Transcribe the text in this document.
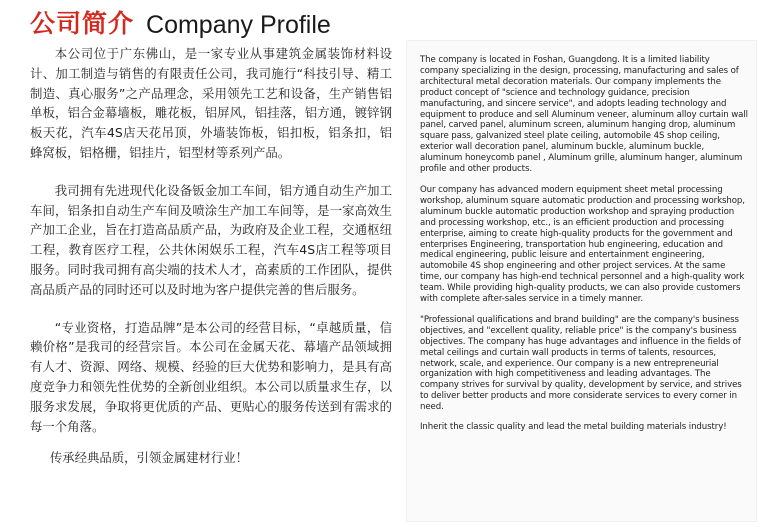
公司简介 Company Profile

本公司位于广东佛山，是一家专业从事建筑金属装饰材料设计、加工制造与销售的有限责任公司，我司施行“科技引导、精工制造、真心服务”之产品理念，采用领先工艺和设备，生产销售铝单板，铝合金幕墙板，雕花板，铝屏风，铝挂落，铝方通，镀锌钢板天花，汽车4S店天花吊顶，外墙装饰板，铝扣板，铝条扣，铝蜂窝板，铝格栅，铝挂片，铝型材等系列产品。

我司拥有先进现代化设备钣金加工车间，铝方通自动生产加工车间，铝条扣自动生产车间及喷涂生产加工车间等，是一家高效生产加工企业，旨在打造高品质产品，为政府及企业工程，交通枢纽工程，教育医疗工程，公共休闲娱乐工程，汽车4S店工程等项目服务。同时我司拥有高尖端的技术人才，高素质的工作团队，提供高品质产品的同时还可以及时地为客户提供完善的售后服务。

“专业资格，打造品牌”是本公司的经营目标，“卓越质量，信赖价格”是我司的经营宗旨。本公司在金属天花、幕墙产品领域拥有人才、资源、网络、规模、经验的巨大优势和影响力，是具有高度竞争力和领先性优势的全新创业组织。本公司以质量求生存，以服务求发展，争取将更优质的产品、更贴心的服务传送到有需求的每一个角落。

传承经典品质，引领金属建材行业！

The company is located in Foshan, Guangdong. It is a limited liability company specializing in the design, processing, manufacturing and sales of architectural metal decoration materials. Our company implements the product concept of "science and technology guidance, precision manufacturing, and sincere service", and adopts leading technology and equipment to produce and sell Aluminum veneer, aluminum alloy curtain wall panel, carved panel, aluminum screen, aluminum hanging drop, aluminum square pass, galvanized steel plate ceiling, automobile 4S shop ceiling, exterior wall decoration panel, aluminum buckle, aluminum buckle, aluminum honeycomb panel , Aluminum grille, aluminum hanger, aluminum profile and other products.

Our company has advanced modern equipment sheet metal processing workshop, aluminum square automatic production and processing workshop, aluminum buckle automatic production workshop and spraying production and processing workshop, etc., is an efficient production and processing enterprise, aiming to create high-quality products for the government and enterprises Engineering, transportation hub engineering, education and medical engineering, public leisure and entertainment engineering, automobile 4S shop engineering and other project services. At the same time, our company has high-end technical personnel and a high-quality work team. While providing high-quality products, we can also provide customers with complete after-sales service in a timely manner.

"Professional qualifications and brand building" are the company's business objectives, and "excellent quality, reliable price" is the company's business objectives. The company has huge advantages and influence in the fields of metal ceilings and curtain wall products in terms of talents, resources, network, scale, and experience. Our company is a new entrepreneurial organization with high competitiveness and leading advantages. The company strives for survival by quality, development by service, and strives to deliver better products and more considerate services to every corner in need.

Inherit the classic quality and lead the metal building materials industry!
